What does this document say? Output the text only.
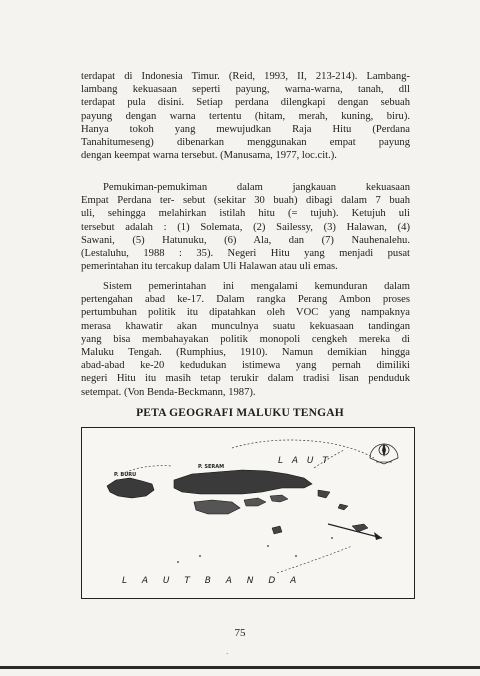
terdapat di Indonesia Timur. (Reid, 1993, II, 213-214). Lambang-
lambang kekuasaan seperti payung, warna-warna, tanah, dll
terdapat pula disini. Setiap perdana dilengkapi dengan sebuah
payung dengan warna tertentu (hitam, merah, kuning, biru).
Hanya tokoh yang mewujudkan Raja Hitu (Perdana
Tanahitumeseng) dibenarkan menggunakan empat payung
dengan keempat warna tersebut. (Manusama, 1977, loc.cit.).

Pemukiman-pemukiman dalam jangkauan kekuasaan
Empat Perdana ter- sebut (sekitar 30 buah) dibagi dalam 7 buah
uli, sehingga melahirkan istilah hitu (= tujuh). Ketujuh uli
tersebut adalah : (1) Solemata, (2) Sailessy, (3) Halawan, (4)
Sawani, (5) Hatunuku, (6) Ala, dan (7) Nauhenalehu.
(Lestaluhu, 1988 : 35). Negeri Hitu yang menjadi pusat
pemerintahan itu tercakup dalam Uli Halawan atau uli emas.

Sistem pemerintahan ini mengalami kemunduran dalam
pertengahan abad ke-17. Dalam rangka Perang Ambon proses
pertumbuhan politik itu dipatahkan oleh VOC yang nampaknya
merasa khawatir akan munculnya suatu kekuasaan tandingan
yang bisa membahayakan politik monopoli cengkeh mereka di
Maluku Tengah. (Rumphius, 1910). Namun demikian hingga
abad-abad ke-20 kedudukan istimewa yang pernah dimiliki
negeri Hitu itu masih tetap terukir dalam tradisi lisan penduduk
setempat. (Von Benda-Beckmann, 1987).

PETA GEOGRAFI MALUKU TENGAH
L A U T
P. SERAM
P. BURU
L A U T B A N D A
75
·
